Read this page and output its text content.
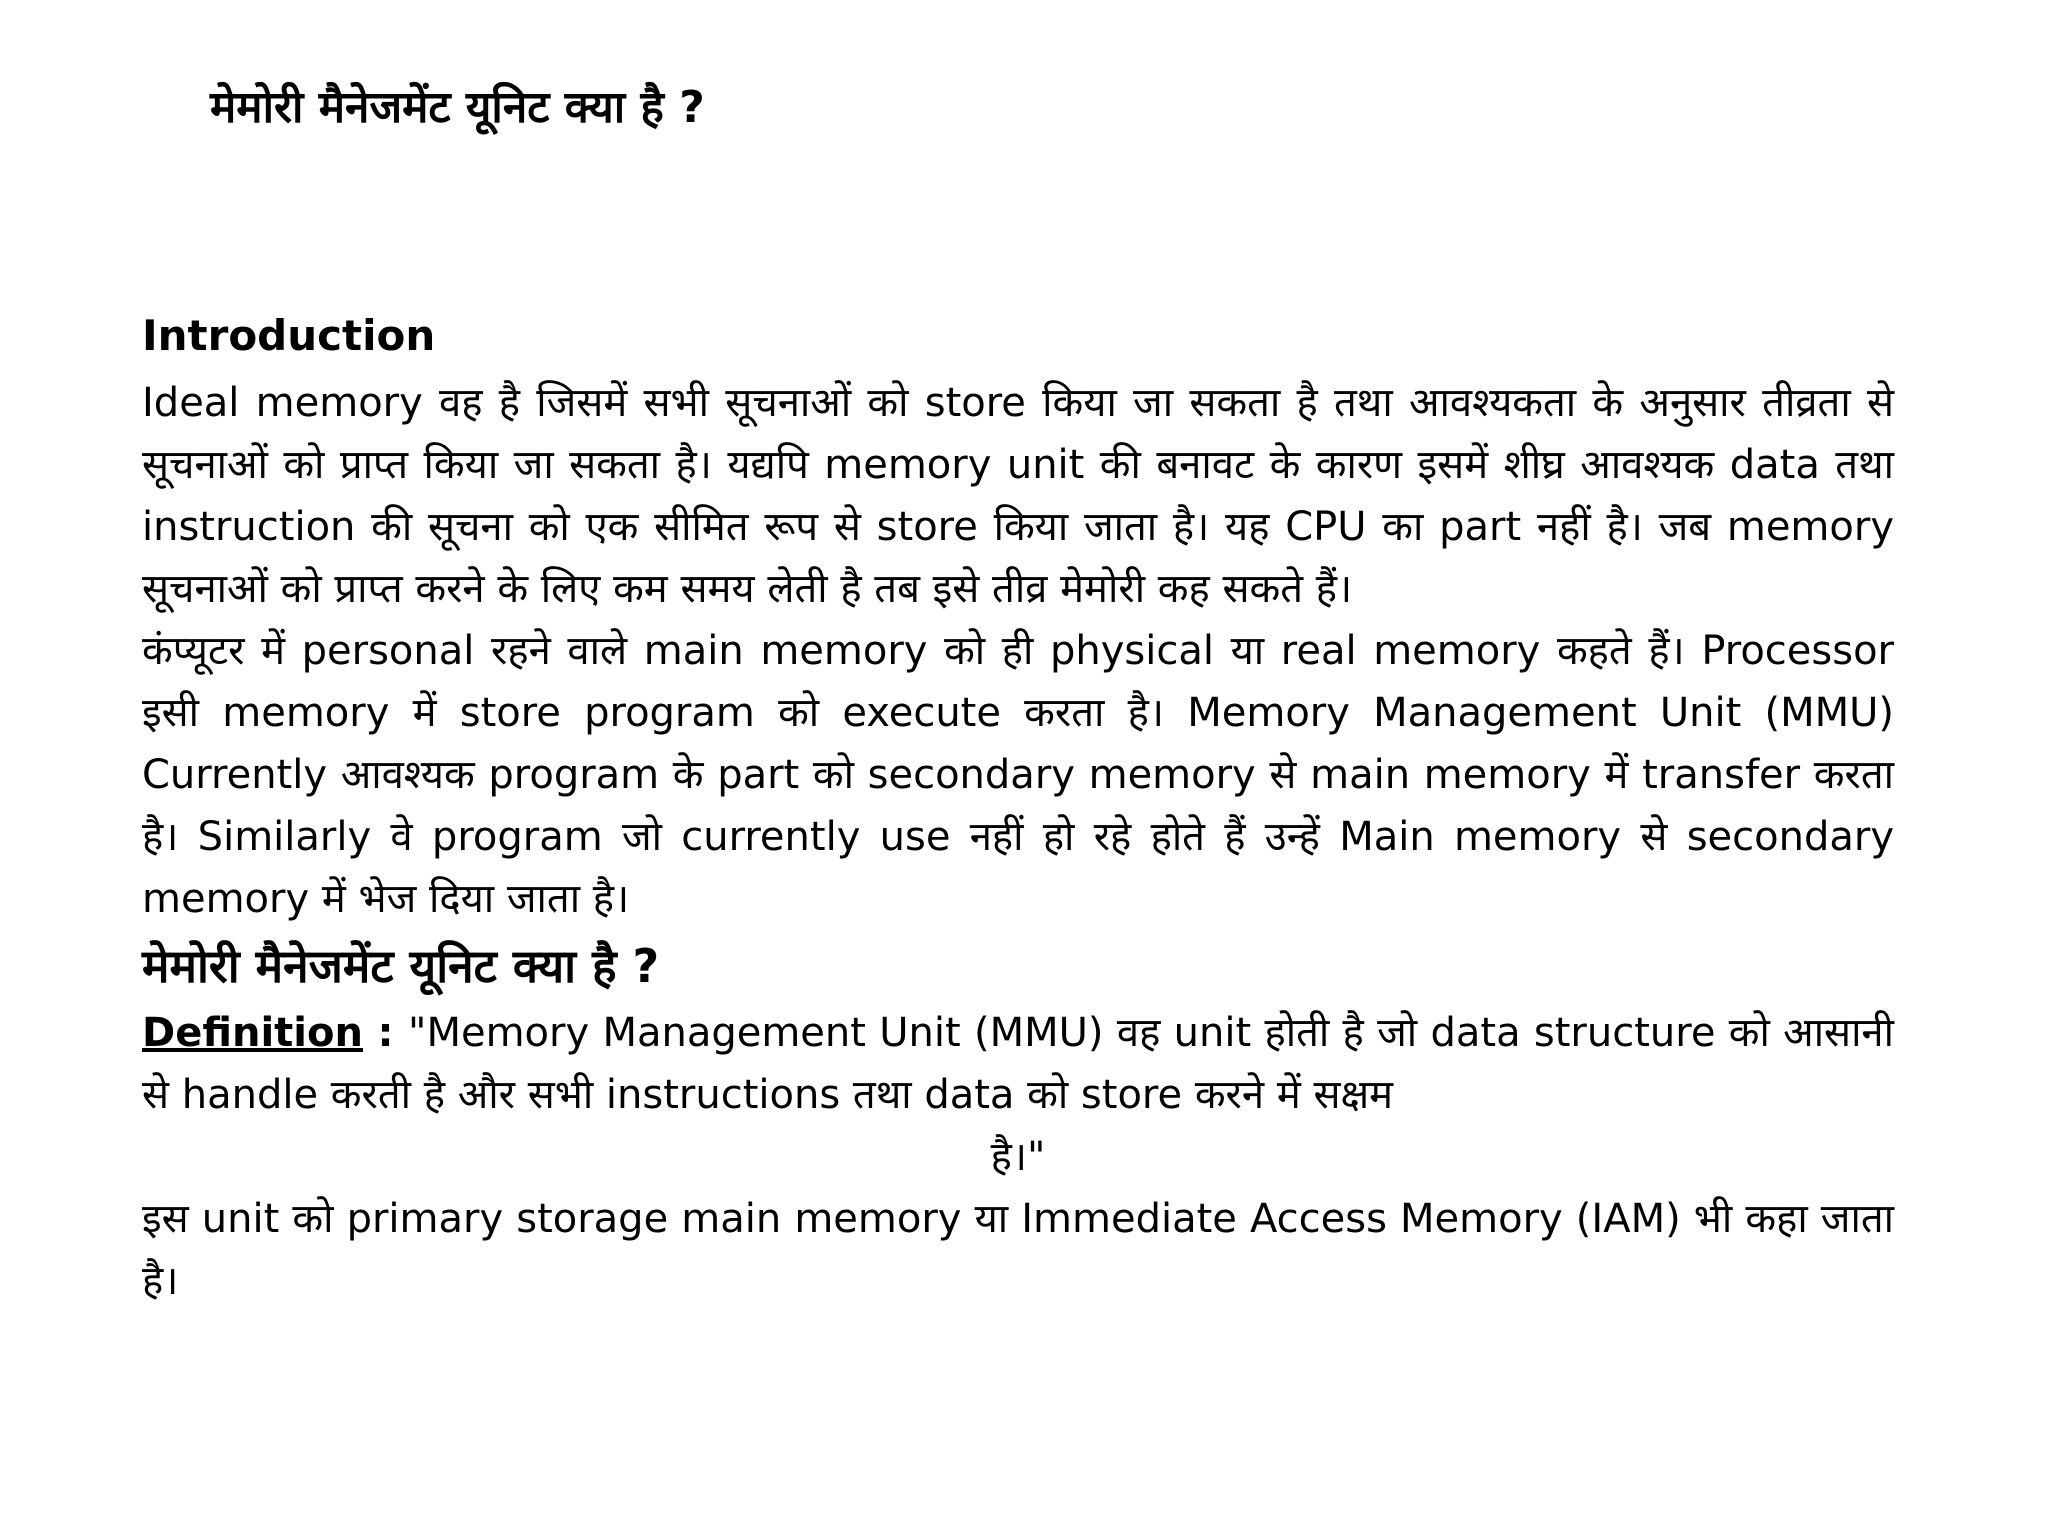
मेमोरी मैनेजमेंट यूनिट क्या है ?
Introduction

Ideal memory वह है जिसमें सभी सूचनाओं को store किया जा सकता है तथा आवश्यकता के अनुसार तीव्रता से सूचनाओं को प्राप्त किया जा सकता है। यद्यपि memory unit की बनावट के कारण इसमें शीघ्र आवश्यक data तथा instruction की सूचना को एक सीमित रूप से store किया जाता है। यह CPU का part नहीं है। जब memory सूचनाओं को प्राप्त करने के लिए कम समय लेती है तब इसे तीव्र मेमोरी कह सकते हैं।

कंप्यूटर में personal रहने वाले main memory को ही physical या real memory कहते हैं। Processor इसी memory में store program को execute करता है। Memory Management Unit (MMU) Currently आवश्यक program के part को secondary memory से main memory में transfer करता है। Similarly वे program जो currently use नहीं हो रहे होते हैं उन्हें Main memory से secondary memory में भेज दिया जाता है।

मेमोरी मैनेजमेंट यूनिट क्या है ?

Definition : "Memory Management Unit (MMU) वह unit होती है जो data structure को आसानी से handle करती है और सभी instructions तथा data को store करने में सक्षम
है।"

इस unit को primary storage main memory या Immediate Access Memory (IAM) भी कहा जाता है।
